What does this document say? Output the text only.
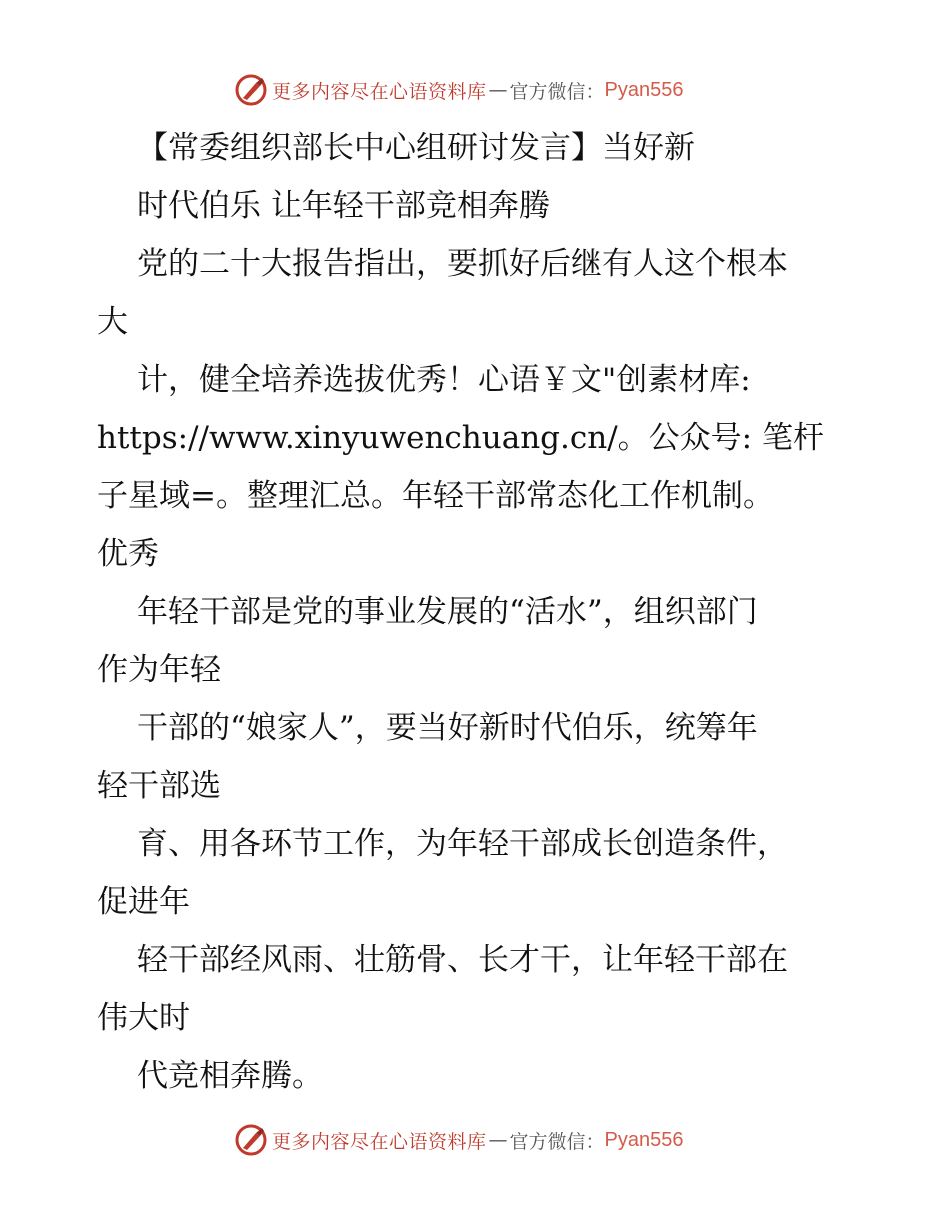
更多内容尽在心语资料库 — 官方微信： Pyan556
【常委组织部长中心组研讨发言】当好新
时代伯乐 让年轻干部竞相奔腾
党的二十大报告指出，要抓好后继有人这个根本
大
计，健全培养选拔优秀！心语￥文"创素材库:
https://www.xinyuwenchuang.cn/。公众号: 笔杆
子星域=。整理汇总。年轻干部常态化工作机制。
优秀
年轻干部是党的事业发展的“活水”，组织部门
作为年轻
干部的“娘家人”，要当好新时代伯乐，统筹年
轻干部选
育、用各环节工作，为年轻干部成长创造条件，
促进年
轻干部经风雨、壮筋骨、长才干，让年轻干部在
伟大时
代竞相奔腾。
更多内容尽在心语资料库 — 官方微信： Pyan556
